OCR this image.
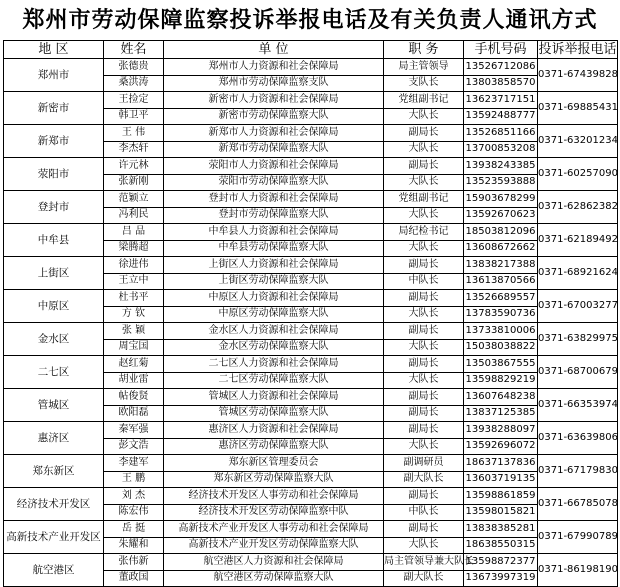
郑州市劳动保障监察投诉举报电话及有关负责人通讯方式
地 区	姓名	单 位	职 务	手机号码	投诉举报电话
郑州市	张德贵	郑州市人力资源和社会保障局	局主管领导	13526712086	0371-67439828
	桑洪涛	郑州市劳动保障监察支队	支队长	13803858570	
新密市	王捡定	新密市人力资源和社会保障局	党组副书记	13623717151	0371-69885431
	韩卫平	新密市劳动保障监察大队	大队长	13592488777	
新郑市	王 伟	新郑市人力资源和社会保障局	副局长	13526851166	0371-63201234
	李杰轩	新郑市劳动保障监察大队	大队长	13700853208	
荥阳市	许元林	荥阳市人力资源和社会保障局	副局长	13938243385	0371-60257090
	张新刚	荥阳市劳动保障监察大队	大队长	13523593888	
登封市	范颖立	登封市人力资源和社会保障局	党组副书记	15903678299	0371-62862382
	冯利民	登封市劳动保障监察大队	大队长	13592670623	
中牟县	吕 品	中牟县人力资源和社会保障局	局纪检书记	18503812096	0371-62189492
	梁腾超	中牟县劳动保障监察大队	大队长	13608672662	
上街区	徐进伟	上街区人力资源和社会保障局	副局长	13838217388	0371-68921624
	王立中	上街区劳动保障监察大队	中队长	13613870566	
中原区	杜书平	中原区人力资源和社会保障局	副局长	13526689557	0371-67003277
	方 钦	中原区劳动保障监察大队	大队长	13783590736	
金水区	张 颖	金水区人力资源和社会保障局	副局长	13733810006	0371-63829975
	周宝国	金水区劳动保障监察大队	大队长	15038038822	
二七区	赵红菊	二七区人力资源和社会保障局	副局长	13503867555	0371-68700679
	胡业雷	二七区劳动保障监察大队	大队长	13598829219	
管城区	帖俊贤	管城区人力资源和社会保障局	副局长	13607648238	0371-66353974
	欧阳磊	管城区劳动保障监察大队	副局长	13837125385	
惠济区	秦军强	惠济区人力资源和社会保障局	副局长	13938288097	0371-63639806
	彭文浩	惠济区劳动保障监察大队	大队长	13592696072	
郑东新区	李建军	郑东新区管理委员会	副调研员	18637137836	0371-67179830
	王 鹏	郑东新区劳动保障监察大队	副大队长	13603719135	
经济技术开发区	刘 杰	经济技术开发区人事劳动和社会保障局	副局长	13598861859	0371-66785078
	陈宏伟	经济技术开发区劳动保障监察中队	中队长	13598015821	
高新技术产业开发区	岳 挺	高新技术产业开发区人事劳动和社会保障局	副局长	13838385281	0371-67990789
	朱耀和	高新技术产业开发区劳动保障监察大队	大队长	18638550315	
航空港区	张伟新	航空港区人力资源和社会保障局	局主管领导兼大队长	13598872377	0371-86198190
	董政国	航空港区劳动保障监察大队	副大队长	13673997319	
